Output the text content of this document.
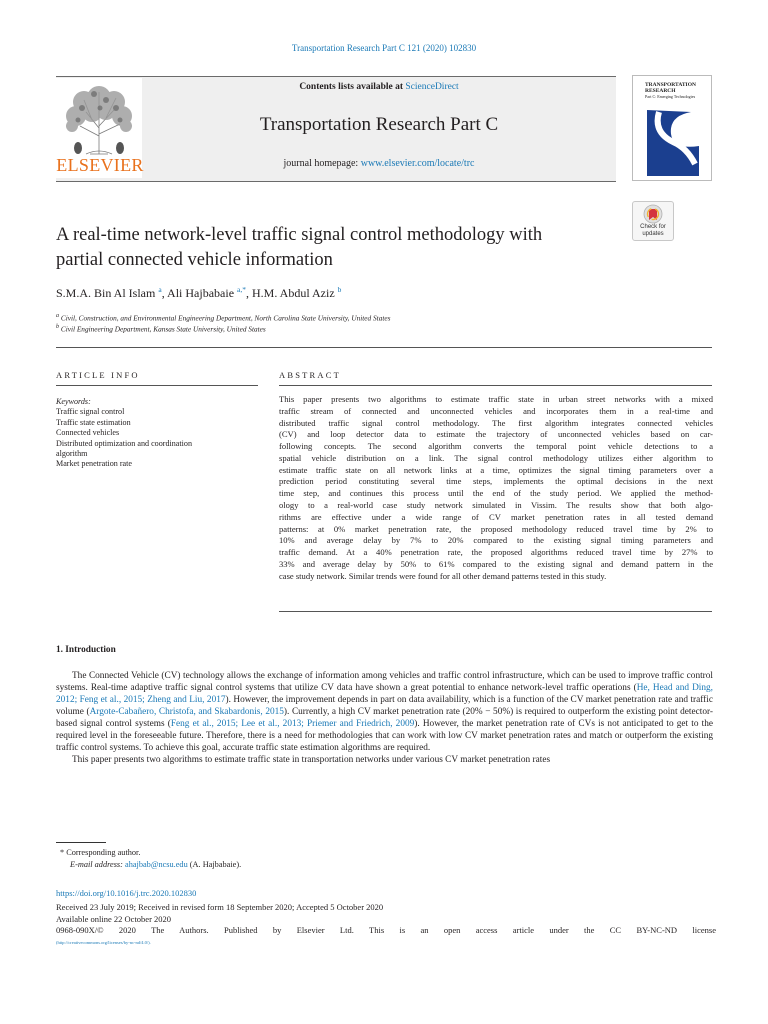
Transportation Research Part C 121 (2020) 102830
ELSEVIER
Contents lists available at ScienceDirect
Transportation Research Part C
journal homepage: www.elsevier.com/locate/trc
TRANSPORTATION
RESEARCH
Part C: Emerging Technologies
Check for
updates
A real-time network-level traffic signal control methodology with
partial connected vehicle information
S.M.A. Bin Al Islam $^a$, Ali Hajbabaie $^{a,*}$, H.M. Abdul Aziz $^b$
$^a$ Civil, Construction, and Environmental Engineering Department, North Carolina State University, United States
$^b$ Civil Engineering Department, Kansas State University, United States
ARTICLE INFO
Keywords:
Traffic signal control
Traffic state estimation
Connected vehicles
Distributed optimization and coordination
algorithm
Market penetration rate
ABSTRACT
This paper presents two algorithms to estimate traffic state in urban street networks with a mixed
traffic stream of connected and unconnected vehicles and incorporates them in a real-time and
distributed traffic signal control methodology. The first algorithm integrates connected vehicles
(CV) and loop detector data to estimate the trajectory of unconnected vehicles based on car-
following concepts. The second algorithm converts the temporal point vehicle detections to a
spatial vehicle distribution on a link. The signal control methodology utilizes either algorithm to
estimate traffic state on all network links at a time, optimizes the signal timing parameters over a
prediction period constituting several time steps, implements the optimal decisions in the next
time step, and continues this process until the end of the study period. We applied the method-
ology to a real-world case study network simulated in Vissim. The results show that both algo-
rithms are effective under a wide range of CV market penetration rates in all tested demand
patterns: at 0% market penetration rate, the proposed methodology reduced travel time by 2% to
10% and average delay by 7% to 20% compared to the existing signal timing parameters and
traffic demand. At a 40% penetration rate, the proposed algorithms reduced travel time by 27% to
33% and average delay by 50% to 61% compared to the existing signal and demand pattern in the
case study network. Similar trends were found for all other demand patterns tested in this study.
1. Introduction

The Connected Vehicle (CV) technology allows the exchange of information among vehicles and traffic control infrastructure, which can be used to improve traffic control systems. Real-time adaptive traffic signal control systems that utilize CV data have shown a great potential to enhance network-level traffic operations (He, Head and Ding, 2012; Feng et al., 2015; Zheng and Liu, 2017). However, the improvement depends in part on data availability, which is a function of the CV market penetration rate and traffic volume (Argote-Cabañero, Christofa, and Skabardonis, 2015). Currently, a high CV market penetration rate (20% − 50%) is required to outperform the existing point detector-based signal control systems (Feng et al., 2015; Lee et al., 2013; Priemer and Friedrich, 2009). However, the market penetration rate of CVs is not anticipated to get to the required level in the foreseeable future. Therefore, there is a need for methodologies that can work with low CV market penetration rates and match or outperform the existing traffic control systems. To achieve this goal, accurate traffic state estimation algorithms are required.

This paper presents two algorithms to estimate traffic state in transportation networks under various CV market penetration rates

* Corresponding author.
E-mail address: ahajbab@ncsu.edu (A. Hajbabaie).
https://doi.org/10.1016/j.trc.2020.102830
Received 23 July 2019; Received in revised form 18 September 2020; Accepted 5 October 2020
Available online 22 October 2020
0968-090X/© 2020 The Authors. Published by Elsevier Ltd. This is an open access article under the CC BY-NC-ND license
(http://creativecommons.org/licenses/by-nc-nd/4.0/).
